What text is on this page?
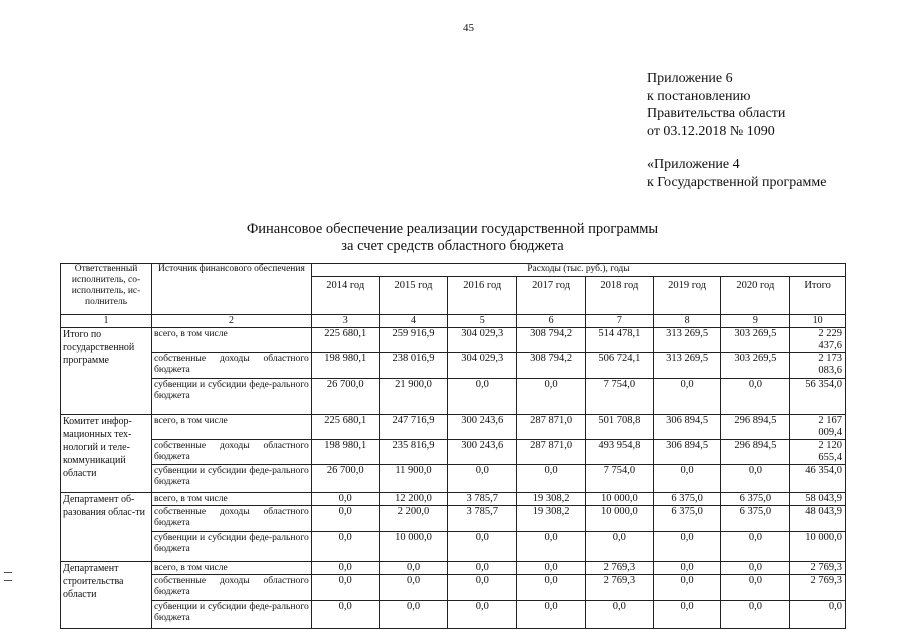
45
Приложение 6
к постановлению
Правительства области
от 03.12.2018 № 1090
«Приложение 4
к Государственной программе
Финансовое обеспечение реализации государственной программы
за счет средств областного бюджета
Ответственный исполнитель, со-исполнитель, ис-полнитель	Источник финансового обеспечения	Расходы (тыс. руб.), годы							
		2014 год	2015 год	2016 год	2017 год	2018 год	2019 год	2020 год	Итого
1	2	3	4	5	6	7	8	9	10
Итого по государственной программе	всего, в том числе	225 680,1	259 916,9	304 029,3	308 794,2	514 478,1	313 269,5	303 269,5	2 229 437,6
	собственные доходы областного бюджета	198 980,1	238 016,9	304 029,3	308 794,2	506 724,1	313 269,5	303 269,5	2 173 083,6
	субвенции и субсидии феде-рального бюджета	26 700,0	21 900,0	0,0	0,0	7 754,0	0,0	0,0	56 354,0
Комитет инфор-мационных тех-нологий и теле-коммуникаций области	всего, в том числе	225 680,1	247 716,9	300 243,6	287 871,0	501 708,8	306 894,5	296 894,5	2 167 009,4
	собственные доходы областного бюджета	198 980,1	235 816,9	300 243,6	287 871,0	493 954,8	306 894,5	296 894,5	2 120 655,4
	субвенции и субсидии феде-рального бюджета	26 700,0	11 900,0	0,0	0,0	7 754,0	0,0	0,0	46 354,0
Департамент об-разования облас-ти	всего, в том числе	0,0	12 200,0	3 785,7	19 308,2	10 000,0	6 375,0	6 375,0	58 043,9
	собственные доходы областного бюджета	0,0	2 200,0	3 785,7	19 308,2	10 000,0	6 375,0	6 375,0	48 043,9
	субвенции и субсидии феде-рального бюджета	0,0	10 000,0	0,0	0,0	0,0	0,0	0,0	10 000,0
Департамент строительства области	всего, в том числе	0,0	0,0	0,0	0,0	2 769,3	0,0	0,0	2 769,3
	собственные доходы областного бюджета	0,0	0,0	0,0	0,0	2 769,3	0,0	0,0	2 769,3
	субвенции и субсидии феде-рального бюджета	0,0	0,0	0,0	0,0	0,0	0,0	0,0	0,0
